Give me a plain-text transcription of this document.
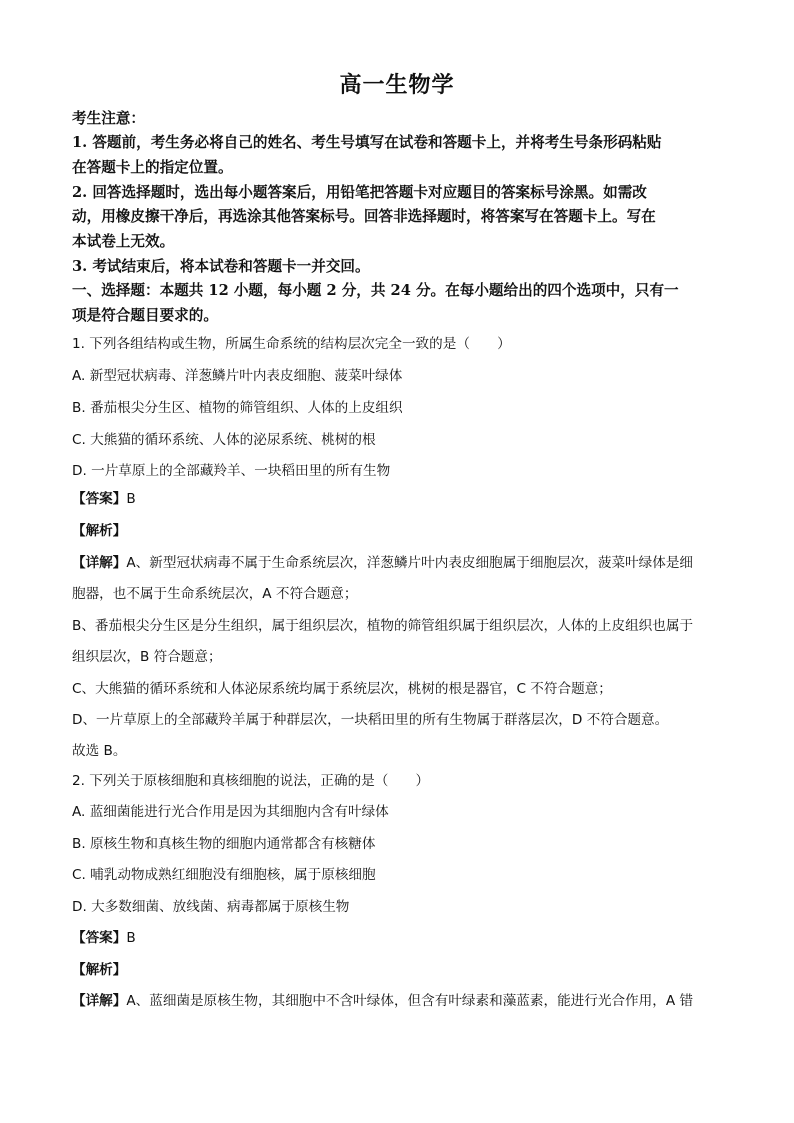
高一生物学
考生注意：
1. 答题前，考生务必将自己的姓名、考生号填写在试卷和答题卡上，并将考生号条形码粘贴
在答题卡上的指定位置。
2. 回答选择题时，选出每小题答案后，用铅笔把答题卡对应题目的答案标号涂黑。如需改
动，用橡皮擦干净后，再选涂其他答案标号。回答非选择题时，将答案写在答题卡上。写在
本试卷上无效。
3. 考试结束后，将本试卷和答题卡一并交回。
一、选择题：本题共 12 小题，每小题 2 分，共 24 分。在每小题给出的四个选项中，只有一
项是符合题目要求的。
1. 下列各组结构或生物，所属生命系统的结构层次完全一致的是（　　）
A. 新型冠状病毒、洋葱鳞片叶内表皮细胞、菠菜叶绿体
B. 番茄根尖分生区、植物的筛管组织、人体的上皮组织
C. 大熊猫的循环系统、人体的泌尿系统、桃树的根
D. 一片草原上的全部藏羚羊、一块稻田里的所有生物
【答案】B
【解析】
【详解】A、新型冠状病毒不属于生命系统层次，洋葱鳞片叶内表皮细胞属于细胞层次，菠菜叶绿体是细
胞器，也不属于生命系统层次，A 不符合题意；
B、番茄根尖分生区是分生组织，属于组织层次，植物的筛管组织属于组织层次，人体的上皮组织也属于
组织层次，B 符合题意；
C、大熊猫的循环系统和人体泌尿系统均属于系统层次，桃树的根是器官，C 不符合题意；
D、一片草原上的全部藏羚羊属于种群层次，一块稻田里的所有生物属于群落层次，D 不符合题意。
故选 B。
2. 下列关于原核细胞和真核细胞的说法，正确的是（　　）
A. 蓝细菌能进行光合作用是因为其细胞内含有叶绿体
B. 原核生物和真核生物的细胞内通常都含有核糖体
C. 哺乳动物成熟红细胞没有细胞核，属于原核细胞
D. 大多数细菌、放线菌、病毒都属于原核生物
【答案】B
【解析】
【详解】A、蓝细菌是原核生物，其细胞中不含叶绿体，但含有叶绿素和藻蓝素，能进行光合作用，A 错
